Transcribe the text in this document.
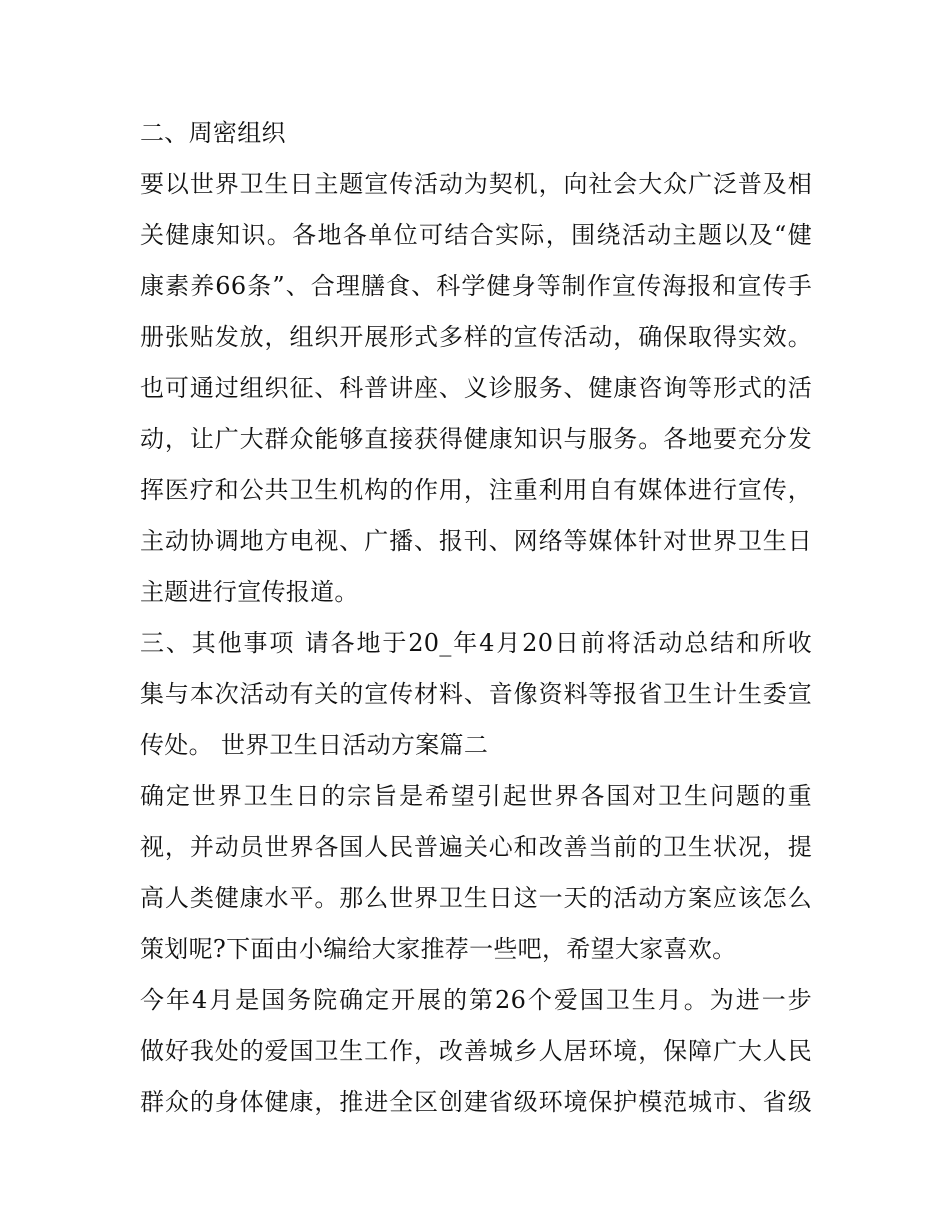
二、周密组织
要以世界卫生日主题宣传活动为契机，向社会大众广泛普及相
关健康知识。各地各单位可结合实际，围绕活动主题以及“健
康素养66条”、合理膳食、科学健身等制作宣传海报和宣传手
册张贴发放，组织开展形式多样的宣传活动，确保取得实效。
也可通过组织征、科普讲座、义诊服务、健康咨询等形式的活
动，让广大群众能够直接获得健康知识与服务。各地要充分发
挥医疗和公共卫生机构的作用，注重利用自有媒体进行宣传，
主动协调地方电视、广播、报刊、网络等媒体针对世界卫生日
主题进行宣传报道。
三、其他事项 请各地于20_年4月20日前将活动总结和所收
集与本次活动有关的宣传材料、音像资料等报省卫生计生委宣
传处。 世界卫生日活动方案篇二
确定世界卫生日的宗旨是希望引起世界各国对卫生问题的重
视，并动员世界各国人民普遍关心和改善当前的卫生状况，提
高人类健康水平。那么世界卫生日这一天的活动方案应该怎么
策划呢?下面由小编给大家推荐一些吧，希望大家喜欢。
今年4月是国务院确定开展的第26个爱国卫生月。为进一步
做好我处的爱国卫生工作，改善城乡人居环境，保障广大人民
群众的身体健康，推进全区创建省级环境保护模范城市、省级
